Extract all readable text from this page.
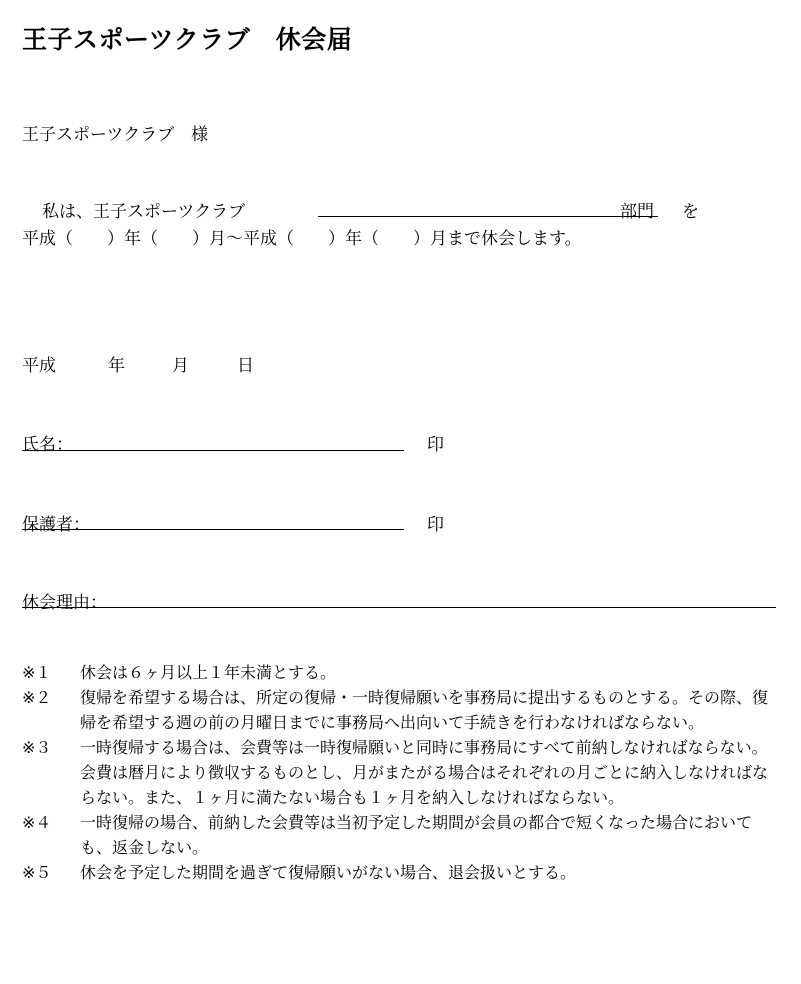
王子スポーツクラブ　休会届
王子スポーツクラブ　様
私は、王子スポーツクラブ	部門 を
平成（　　）年（　　）月～平成（　　）年（　　）月まで休会します。
平成	年	月	日
氏名：	印
保護者：	印
休会理由：
※１	休会は６ヶ月以上１年未満とする。
※２	復帰を希望する場合は、所定の復帰・一時復帰願いを事務局に提出するものとする。その際、復帰を希望する週の前の月曜日までに事務局へ出向いて手続きを行わなければならない。
※３	一時復帰する場合は、会費等は一時復帰願いと同時に事務局にすべて前納しなければならない。会費は暦月により徴収するものとし、月がまたがる場合はそれぞれの月ごとに納入しなければならない。また、１ヶ月に満たない場合も１ヶ月を納入しなければならない。
※４	一時復帰の場合、前納した会費等は当初予定した期間が会員の都合で短くなった場合においても、返金しない。
※５	休会を予定した期間を過ぎて復帰願いがない場合、退会扱いとする。
